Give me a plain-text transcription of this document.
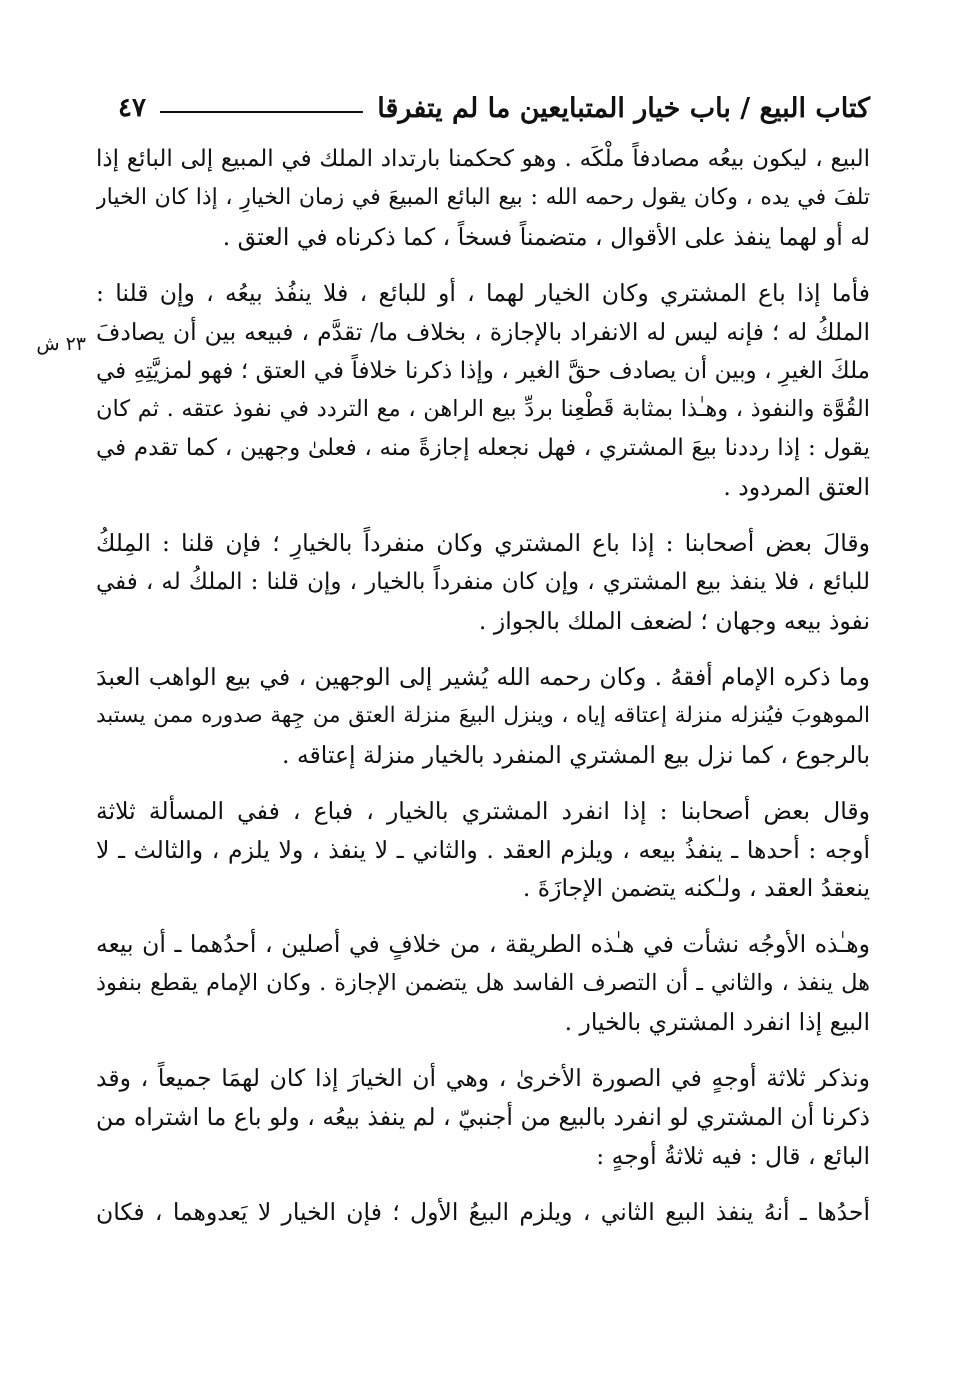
كتاب البيع / باب خيار المتبايعين ما لم يتفرقا
٤٧
٢٣ ش
البيع ، ليكون بيعُه مصادفاً ملْكَه . وهو كحكمنا بارتداد الملك في المبيع إلى البائع إذا
تلفَ في يده ، وكان يقول رحمه الله : بيع البائع المبيعَ في زمان الخيارِ ، إذا كان الخيار
له أو لهما ينفذ على الأقوال ، متضمناً فسخاً ، كما ذكرناه في العتق .
فأما إذا باع المشتري وكان الخيار لهما ، أو للبائع ، فلا ينفُذ بيعُه ، وإن قلنا :
الملكُ له ؛ فإنه ليس له الانفراد بالإجازة ، بخلاف ما/ تقدَّم ، فبيعه بين أن يصادفَ
ملكَ الغيرِ ، وبين أن يصادف حقَّ الغير ، وإذا ذكرنا خلافاً في العتق ؛ فهو لمزيَّتِهِ في
القُوَّة والنفوذ ، وهـٰذا بمثابة قَطْعِنا بردِّ بيع الراهن ، مع التردد في نفوذ عتقه . ثم كان
يقول : إذا رددنا بيعَ المشتري ، فهل نجعله إجازةً منه ، فعلىٰ وجهين ، كما تقدم في
العتق المردود .
وقالَ بعض أصحابنا : إذا باع المشتري وكان منفرداً بالخيارِ ؛ فإن قلنا : المِلكُ
للبائع ، فلا ينفذ بيع المشتري ، وإن كان منفرداً بالخيار ، وإن قلنا : الملكُ له ، ففي
نفوذ بيعه وجهان ؛ لضعف الملك بالجواز .
وما ذكره الإمام أفقهُ . وكان رحمه الله يُشير إلى الوجهين ، في بيع الواهب العبدَ
الموهوبَ فيُنزله منزلة إعتاقه إياه ، وينزل البيعَ منزلة العتق من جِهة صدوره ممن يستبد
بالرجوع ، كما نزل بيع المشتري المنفرد بالخيار منزلة إعتاقه .
وقال بعض أصحابنا : إذا انفرد المشتري بالخيار ، فباع ، ففي المسألة ثلاثة
أوجه : أحدها ـ ينفذُ بيعه ، ويلزم العقد . والثاني ـ لا ينفذ ، ولا يلزم ، والثالث ـ لا
ينعقدُ العقد ، ولـٰكنه يتضمن الإجازَةَ .
وهـٰذه الأوجُه نشأت في هـٰذه الطريقة ، من خلافٍ في أصلين ، أحدُهما ـ أن بيعه
هل ينفذ ، والثاني ـ أن التصرف الفاسد هل يتضمن الإجازة . وكان الإمام يقطع بنفوذ
البيع إذا انفرد المشتري بالخيار .
ونذكر ثلاثة أوجهٍ في الصورة الأخرىٰ ، وهي أن الخيارَ إذا كان لهمَا جميعاً ، وقد
ذكرنا أن المشتري لو انفرد بالبيع من أجنبيّ ، لم ينفذ بيعُه ، ولو باع ما اشتراه من
البائع ، قال : فيه ثلاثةُ أوجهٍ :
أحدُها ـ أنهُ ينفذ البيع الثاني ، ويلزم البيعُ الأول ؛ فإن الخيار لا يَعدوهما ، فكان
